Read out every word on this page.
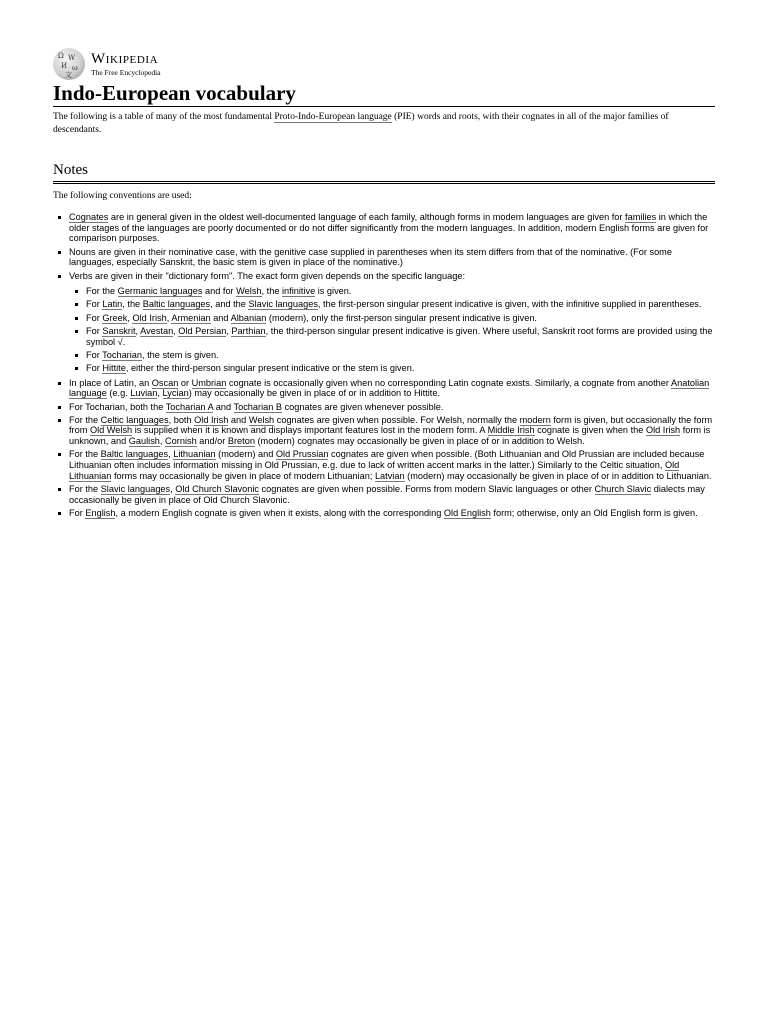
Ω W
И ω
文
Wikipedia
The Free Encyclopedia
Indo-European vocabulary

The following is a table of many of the most fundamental Proto-Indo-European language (PIE) words and roots, with their cognates in all of the major families of descendants.

Notes

The following conventions are used:

Cognates are in general given in the oldest well-documented language of each family, although forms in modern languages are given for families in which the older stages of the languages are poorly documented or do not differ significantly from the modern languages. In addition, modern English forms are given for comparison purposes.
Nouns are given in their nominative case, with the genitive case supplied in parentheses when its stem differs from that of the nominative. (For some languages, especially Sanskrit, the basic stem is given in place of the nominative.)
Verbs are given in their "dictionary form". The exact form given depends on the specific language:
For the Germanic languages and for Welsh, the infinitive is given.
For Latin, the Baltic languages, and the Slavic languages, the first-person singular present indicative is given, with the infinitive supplied in parentheses.
For Greek, Old Irish, Armenian and Albanian (modern), only the first-person singular present indicative is given.
For Sanskrit, Avestan, Old Persian, Parthian, the third-person singular present indicative is given. Where useful, Sanskrit root forms are provided using the symbol √.
For Tocharian, the stem is given.
For Hittite, either the third-person singular present indicative or the stem is given.
In place of Latin, an Oscan or Umbrian cognate is occasionally given when no corresponding Latin cognate exists. Similarly, a cognate from another Anatolian language (e.g. Luvian, Lycian) may occasionally be given in place of or in addition to Hittite.
For Tocharian, both the Tocharian A and Tocharian B cognates are given whenever possible.
For the Celtic languages, both Old Irish and Welsh cognates are given when possible. For Welsh, normally the modern form is given, but occasionally the form from Old Welsh is supplied when it is known and displays important features lost in the modern form. A Middle Irish cognate is given when the Old Irish form is unknown, and Gaulish, Cornish and/or Breton (modern) cognates may occasionally be given in place of or in addition to Welsh.
For the Baltic languages, Lithuanian (modern) and Old Prussian cognates are given when possible. (Both Lithuanian and Old Prussian are included because Lithuanian often includes information missing in Old Prussian, e.g. due to lack of written accent marks in the latter.) Similarly to the Celtic situation, Old Lithuanian forms may occasionally be given in place of modern Lithuanian; Latvian (modern) may occasionally be given in place of or in addition to Lithuanian.
For the Slavic languages, Old Church Slavonic cognates are given when possible. Forms from modern Slavic languages or other Church Slavic dialects may occasionally be given in place of Old Church Slavonic.
For English, a modern English cognate is given when it exists, along with the corresponding Old English form; otherwise, only an Old English form is given.
